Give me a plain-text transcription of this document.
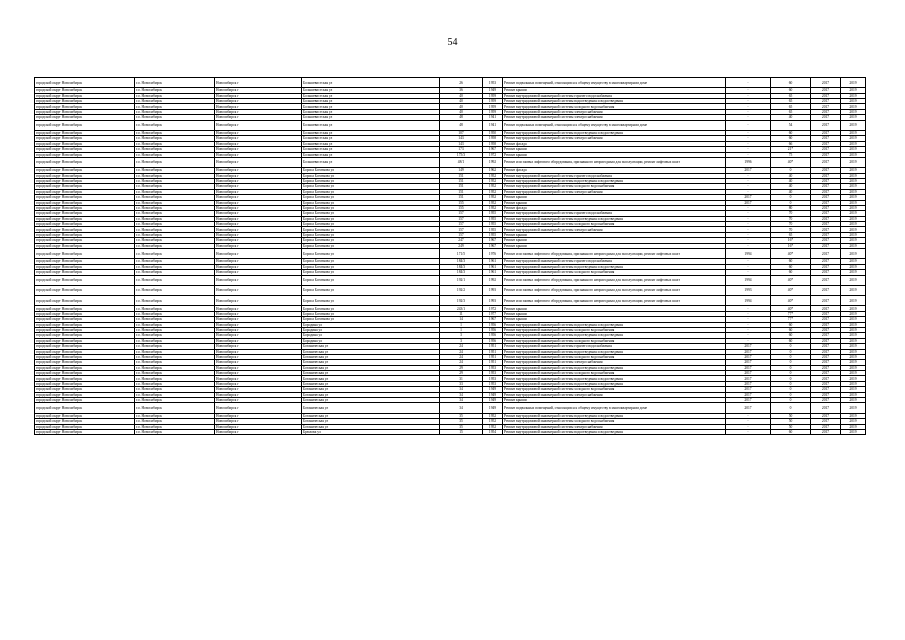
54
городской округ Новосибирск	г.о. Новосибирск	Новосибирск г	Большевистская ул	26	1953	Ремонт подвальных помещений, относящихся к общему имуществу в многоквартирном доме	-	60	2017	2019
городской округ Новосибирск	г.о. Новосибирск	Новосибирск г	Большевистская ул	36	1949	Ремонт крыши	-	60	2017	2019
городской округ Новосибирск	г.о. Новосибирск	Новосибирск г	Большевистская ул	40	1959	Ремонт внутридомовой инженерной системы горячего водоснабжения	-	65	2017	2019
городской округ Новосибирск	г.о. Новосибирск	Новосибирск г	Большевистская ул	40	1959	Ремонт внутридомовой инженерной системы водоотведения и водоотведения	-	65	2017	2019
городской округ Новосибирск	г.о. Новосибирск	Новосибирск г	Большевистская ул	40	1959	Ремонт внутридомовой инженерной системы холодного водоснабжения	-	65	2017	2019
городской округ Новосибирск	г.о. Новосибирск	Новосибирск г	Большевистская ул	40	1959	Ремонт внутридомовой инженерной системы электроснабжения	-	65	2017	2019
городской округ Новосибирск	г.о. Новосибирск	Новосибирск г	Большевистская ул	48	1941	Ремонт внутридомовой инженерной системы электроснабжения	-	40	2017	2019
городской округ Новосибирск	г.о. Новосибирск	Новосибирск г	Большевистская ул	48	1941	Ремонт подвальных помещений, относящихся к общему имуществу в многоквартирном доме	-	54	2017	2019
городской округ Новосибирск	г.о. Новосибирск	Новосибирск г	Большевистская ул	107	1950	Ремонт внутридомовой инженерной системы водоотведения и водоотведения	-	60	2017	2019
городской округ Новосибирск	г.о. Новосибирск	Новосибирск г	Большевистская ул	143	1958	Ремонт внутридомовой инженерной системы электроснабжения	-	60	2017	2019
городской округ Новосибирск	г.о. Новосибирск	Новосибирск г	Большевистская ул	143	1958	Ремонт фасада	-	66	2017	2019
городской округ Новосибирск	г.о. Новосибирск	Новосибирск г	Большевистская ул	173	1967	Ремонт крыши	-	21*	2017	2019
городской округ Новосибирск	г.о. Новосибирск	Новосибирск г	Большевистская ул	175/3	1972	Ремонт крыши	-	75	2017	2019
городской округ Новосибирск	г.о. Новосибирск	Новосибирск г	Большевистская ул	48/1	1992	Ремонт или замена лифтового оборудования, признанного непригодным для эксплуатации, ремонт лифтовых шахт	1996	40*	2017	2019
городской округ Новосибирск	г.о. Новосибирск	Новосибирск г	Бориса Богаткова ул	149	1962	Ремонт фасада	2017	0	2017	2019
городской округ Новосибирск	г.о. Новосибирск	Новосибирск г	Бориса Богаткова ул	151	1952	Ремонт внутридомовой инженерной системы горячего водоснабжения	-	40	2017	2019
городской округ Новосибирск	г.о. Новосибирск	Новосибирск г	Бориса Богаткова ул	151	1952	Ремонт внутридомовой инженерной системы водоотведения и водоотведения	-	40	2017	2019
городской округ Новосибирск	г.о. Новосибирск	Новосибирск г	Бориса Богаткова ул	151	1952	Ремонт внутридомовой инженерной системы холодного водоснабжения	-	40	2017	2019
городской округ Новосибирск	г.о. Новосибирск	Новосибирск г	Бориса Богаткова ул	151	1952	Ремонт внутридомовой инженерной системы электроснабжения	-	40	2017	2019
городской округ Новосибирск	г.о. Новосибирск	Новосибирск г	Бориса Богаткова ул	151	1952	Ремонт крыши	2017	0	2017	2019
городской округ Новосибирск	г.о. Новосибирск	Новосибирск г	Бориса Богаткова ул	155	1952	Ремонт крыши	2017	0	2017	2019
городской округ Новосибирск	г.о. Новосибирск	Новосибирск г	Бориса Богаткова ул	155	1952	Ремонт фасада	-	80	2017	2019
городской округ Новосибирск	г.о. Новосибирск	Новосибирск г	Бориса Богаткова ул	157	1955	Ремонт внутридомовой инженерной системы горячего водоснабжения	-	70	2017	2019
городской округ Новосибирск	г.о. Новосибирск	Новосибирск г	Бориса Богаткова ул	157	1955	Ремонт внутридомовой инженерной системы водоотведения и водоотведения	-	70	2017	2019
городской округ Новосибирск	г.о. Новосибирск	Новосибирск г	Бориса Богаткова ул	157	1955	Ремонт внутридомовой инженерной системы холодного водоснабжения	-	70	2017	2019
городской округ Новосибирск	г.о. Новосибирск	Новосибирск г	Бориса Богаткова ул	157	1955	Ремонт внутридомовой инженерной системы электроснабжения	-	70	2017	2019
городской округ Новосибирск	г.о. Новосибирск	Новосибирск г	Бориса Богаткова ул	157	1955	Ремонт крыши	-	65	2017	2019
городской округ Новосибирск	г.о. Новосибирск	Новосибирск г	Бориса Богаткова ул	247	1967	Ремонт крыши	-	16*	2017	2019
городской округ Новосибирск	г.о. Новосибирск	Новосибирск г	Бориса Богаткова ул	249	1967	Ремонт крыши	-	16*	2017	2019
городской округ Новосибирск	г.о. Новосибирск	Новосибирск г	Бориса Богаткова ул	171/5	1976	Ремонт или замена лифтового оборудования, признанного непригодным для эксплуатации, ремонт лифтовых шахт	1994	40*	2017	2019
городской округ Новосибирск	г.о. Новосибирск	Новосибирск г	Бориса Богаткова ул	184/3	1961	Ремонт внутридомовой инженерной системы горячего водоснабжения	-	60	2017	2019
городской округ Новосибирск	г.о. Новосибирск	Новосибирск г	Бориса Богаткова ул	184/3	1961	Ремонт внутридомовой инженерной системы водоотведения и водоотведения	-	60	2017	2019
городской округ Новосибирск	г.о. Новосибирск	Новосибирск г	Бориса Богаткова ул	184/3	1961	Ремонт внутридомовой инженерной системы холодного водоснабжения	-	60	2017	2019
городской округ Новосибирск	г.о. Новосибирск	Новосибирск г	Бориса Богаткова ул	192/1	1992	Ремонт или замена лифтового оборудования, признанного непригодным для эксплуатации, ремонт лифтовых шахт	1994	40*	2017	2019
городской округ Новосибирск	г.о. Новосибирск	Новосибирск г	Бориса Богаткова ул	192/2	1993	Ремонт или замена лифтового оборудования, признанного непригодным для эксплуатации, ремонт лифтовых шахт	1993	40*	2017	2019
городской округ Новосибирск	г.о. Новосибирск	Новосибирск г	Бориса Богаткова ул	192/3	1993	Ремонт или замена лифтового оборудования, признанного непригодным для эксплуатации, ремонт лифтовых шахт	1994	40*	2017	2019
городской округ Новосибирск	г.о. Новосибирск	Новосибирск г	Бориса Богаткова ул	243/1	1972	Ремонт крыши	-	40*	2017	2019
городской округ Новосибирск	г.о. Новосибирск	Новосибирск г	Бориса Богаткова ул	11	1977	Ремонт крыши	-	77*	2017	2019
городской округ Новосибирск	г.о. Новосибирск	Новосибирск г	Бориса Богаткова ул	14	1967	Ремонт крыши	-	77*	2017	2019
городской округ Новосибирск	г.о. Новосибирск	Новосибирск г	Бородина ул	1	1956	Ремонт внутридомовой инженерной системы водоотведения и водоотведения	-	60	2017	2019
городской округ Новосибирск	г.о. Новосибирск	Новосибирск г	Бородина ул	1	1956	Ремонт внутридомовой инженерной системы холодного водоснабжения	-	60	2017	2019
городской округ Новосибирск	г.о. Новосибирск	Новосибирск г	Бородина ул	3	1956	Ремонт внутридомовой инженерной системы водоотведения и водоотведения	-	60	2017	2019
городской округ Новосибирск	г.о. Новосибирск	Новосибирск г	Бородина ул	3	1956	Ремонт внутридомовой инженерной системы холодного водоснабжения	-	60	2017	2019
городской округ Новосибирск	г.о. Новосибирск	Новосибирск г	Ботаническая ул	24	1951	Ремонт внутридомовой инженерной системы горячего водоснабжения	2017	0	2017	2019
городской округ Новосибирск	г.о. Новосибирск	Новосибирск г	Ботаническая ул	24	1951	Ремонт внутридомовой инженерной системы водоотведения и водоотведения	2017	0	2017	2019
городской округ Новосибирск	г.о. Новосибирск	Новосибирск г	Ботаническая ул	24	1951	Ремонт внутридомовой инженерной системы холодного водоснабжения	2017	0	2017	2019
городской округ Новосибирск	г.о. Новосибирск	Новосибирск г	Ботаническая ул	24	1951	Ремонт внутридомовой инженерной системы электроснабжения	2017	0	2017	2019
городской округ Новосибирск	г.о. Новосибирск	Новосибирск г	Ботаническая ул	29	1953	Ремонт внутридомовой инженерной системы водоотведения и водоотведения	2017	0	2017	2019
городской округ Новосибирск	г.о. Новосибирск	Новосибирск г	Ботаническая ул	29	1953	Ремонт внутридомовой инженерной системы холодного водоснабжения	2017	0	2017	2019
городской округ Новосибирск	г.о. Новосибирск	Новосибирск г	Ботаническая ул	31	1953	Ремонт внутридомовой инженерной системы водоотведения и водоотведения	2017	0	2017	2019
городской округ Новосибирск	г.о. Новосибирск	Новосибирск г	Ботаническая ул	33	1953	Ремонт внутридомовой инженерной системы водоотведения и водоотведения	2017	0	2017	2019
городской округ Новосибирск	г.о. Новосибирск	Новосибирск г	Ботаническая ул	34	1949	Ремонт внутридомовой инженерной системы холодного водоснабжения	2017	0	2017	2019
городской округ Новосибирск	г.о. Новосибирск	Новосибирск г	Ботаническая ул	34	1949	Ремонт внутридомовой инженерной системы электроснабжения	2017	0	2017	2019
городской округ Новосибирск	г.о. Новосибирск	Новосибирск г	Ботаническая ул	34	1949	Ремонт крыши	2017	0	2017	2019
городской округ Новосибирск	г.о. Новосибирск	Новосибирск г	Ботаническая ул	34	1949	Ремонт подвальных помещений, относящихся к общему имуществу в многоквартирном доме	2017	0	2017	2019
городской округ Новосибирск	г.о. Новосибирск	Новосибирск г	Ботаническая ул	35	1952	Ремонт внутридомовой инженерной системы водоотведения и водоотведения	-	50	2017	2019
городской округ Новосибирск	г.о. Новосибирск	Новосибирск г	Ботаническая ул	35	1952	Ремонт внутридомовой инженерной системы холодного водоснабжения	-	50	2017	2019
городской округ Новосибирск	г.о. Новосибирск	Новосибирск г	Ботаническая ул	35	1952	Ремонт внутридомовой инженерной системы электроснабжения	-	50	2017	2019
городской округ Новосибирск	г.о. Новосибирск	Новосибирск г	Брюлова ул	15	1954	Ремонт внутридомовой инженерной системы водоотведения и водоотведения	-	60	2017	2019
